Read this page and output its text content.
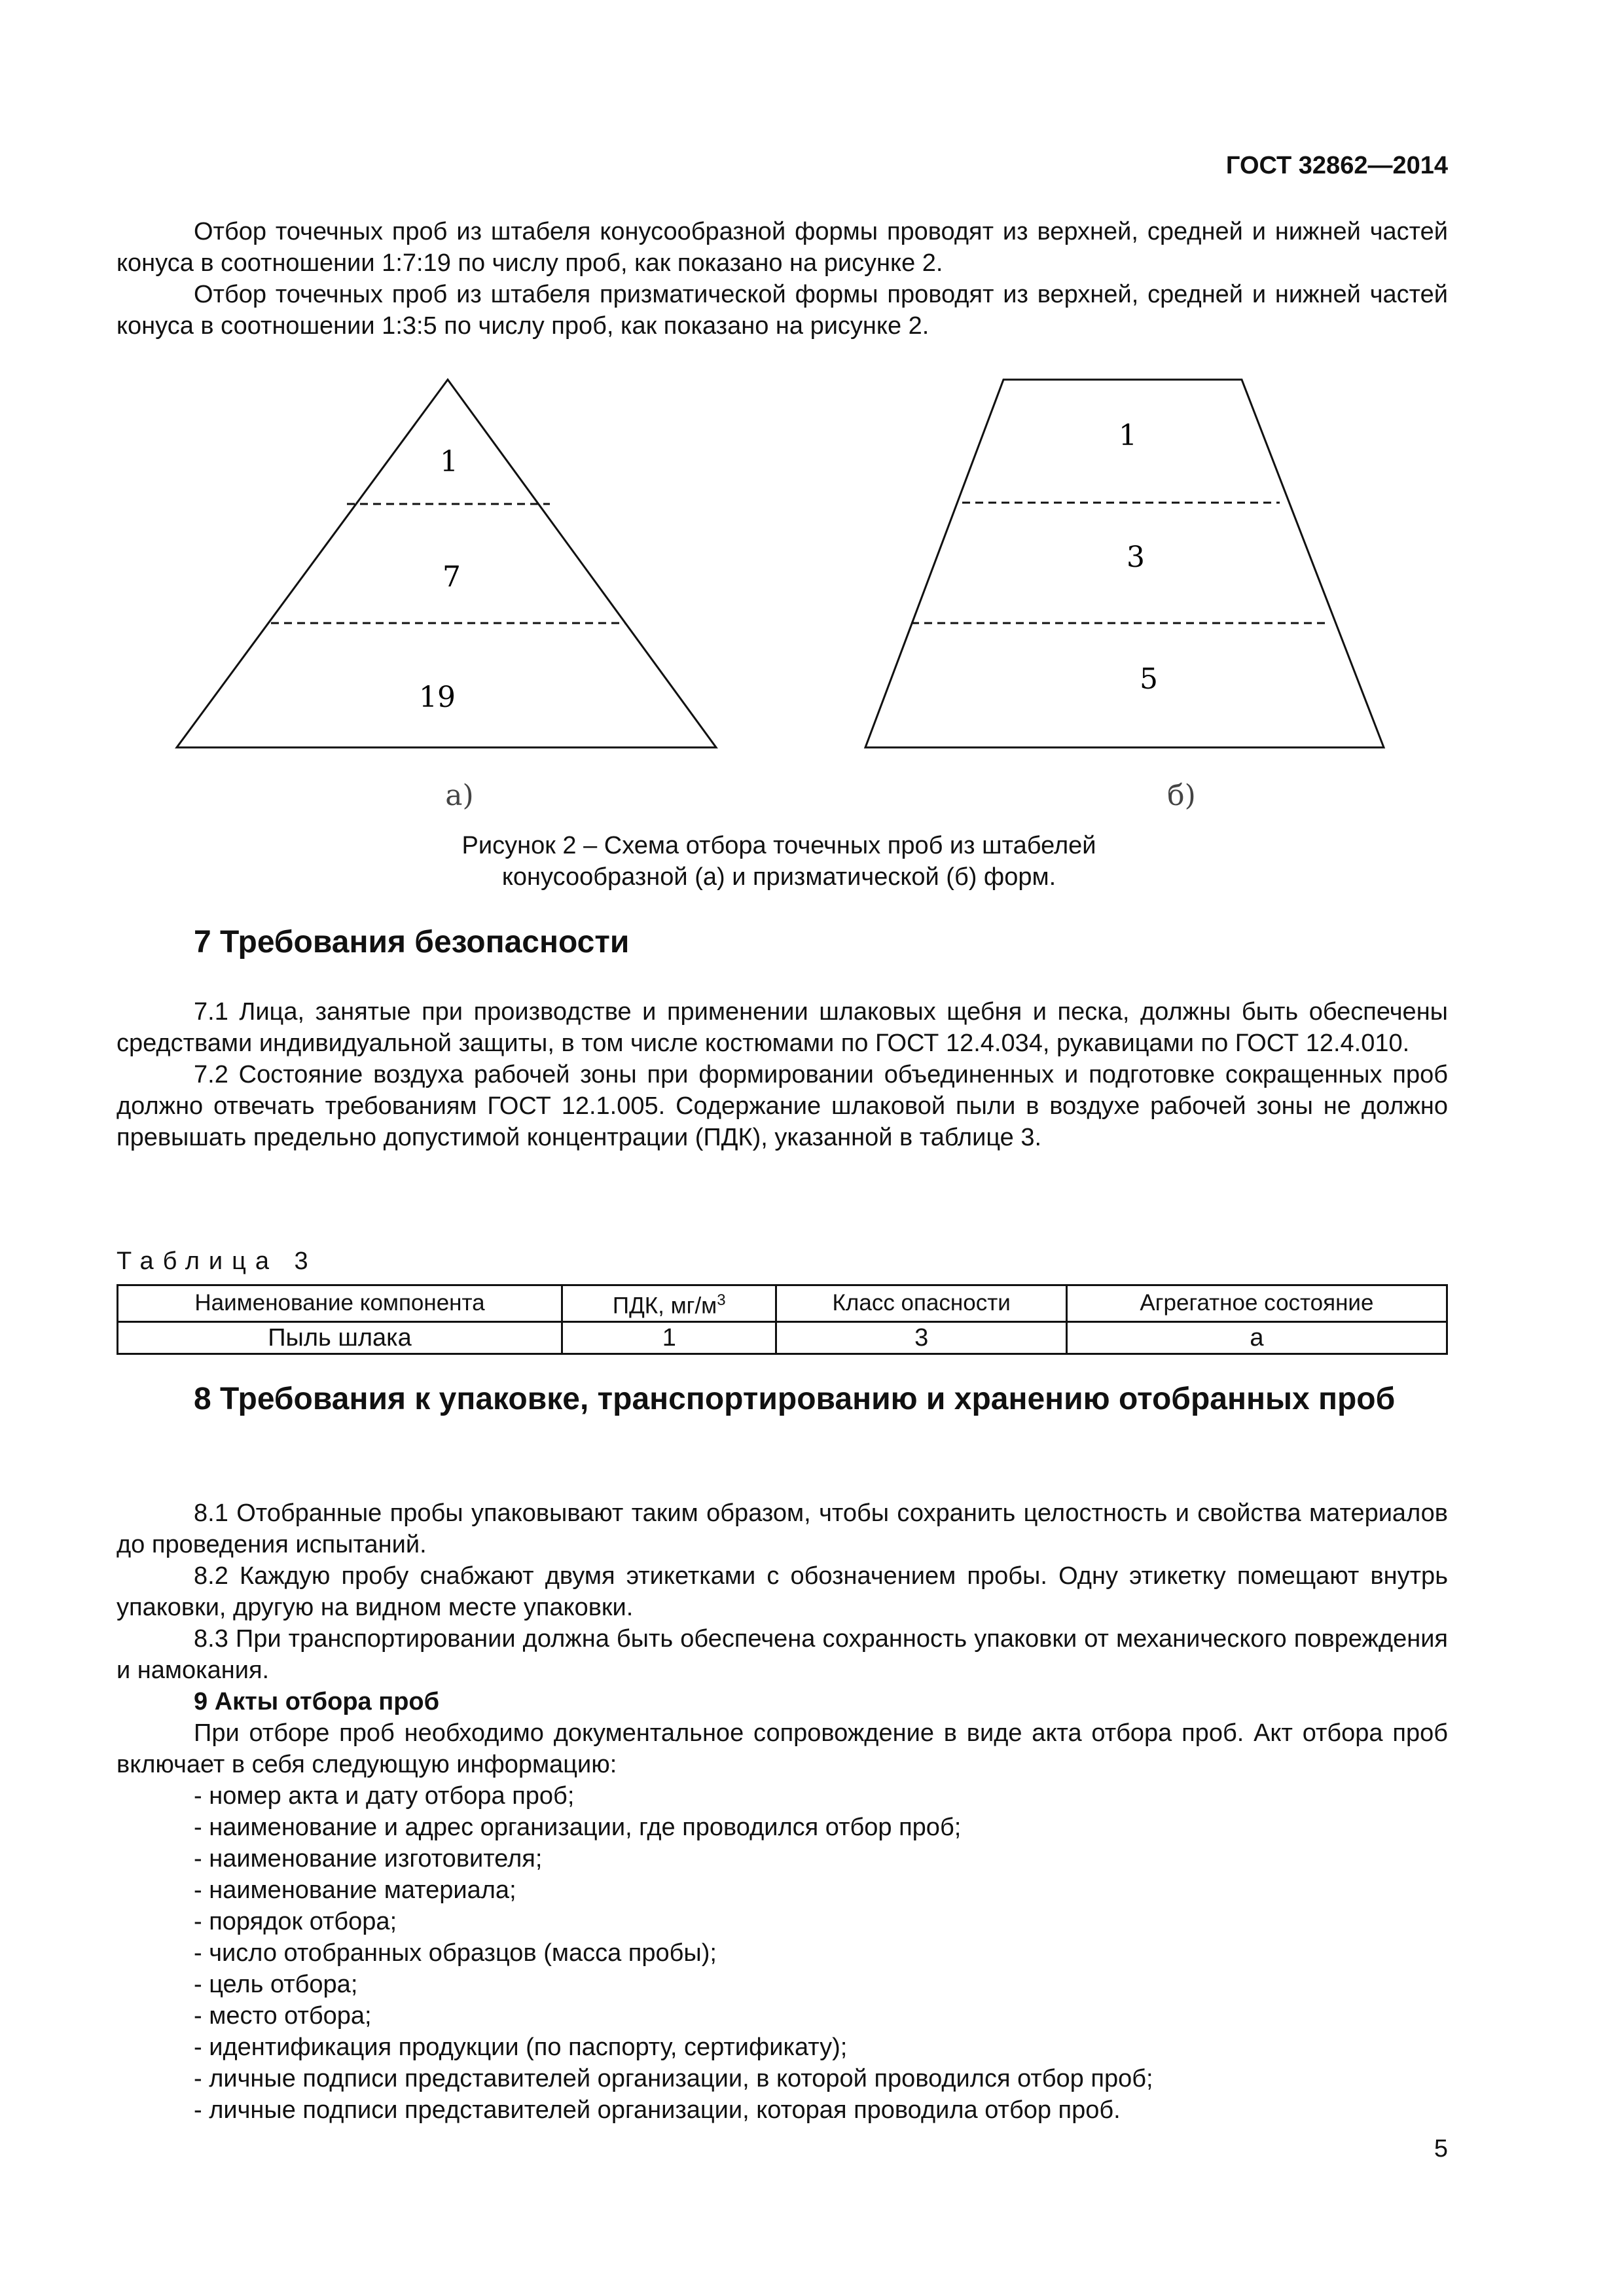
ГОСТ 32862—2014

Отбор точечных проб из штабеля конусообразной формы проводят из верхней, средней и нижней частей конуса в соотношении 1:7:19 по числу проб, как показано на рисунке 2.

Отбор точечных проб из штабеля призматической формы проводят из верхней, средней и нижней частей конуса в соотношении 1:3:5 по числу проб, как показано на рисунке 2.

1
7
19
а)
1
3
5
б)
Рисунок 2 – Схема отбора точечных проб из штабелей
конусообразной (а) и призматической (б) форм.
7 Требования безопасности

7.1 Лица, занятые при производстве и применении шлаковых щебня и песка, должны быть обеспечены средствами индивидуальной защиты, в том числе костюмами по ГОСТ 12.4.034, рукавицами по ГОСТ 12.4.010.

7.2 Состояние воздуха рабочей зоны при формировании объединенных и подготовке сокращенных проб должно отвечать требованиям ГОСТ 12.1.005. Содержание шлаковой пыли в воздухе рабочей зоны не должно превышать предельно допустимой концентрации (ПДК), указанной в таблице 3.

Таблица 3
Наименование компонента	ПДК, $мг/м^3$	Класс опасности	Агрегатное состояние
Пыль шлака	1	3	а
8 Требования к упаковке, транспортированию и хранению отобранных проб

8.1 Отобранные пробы упаковывают таким образом, чтобы сохранить целостность и свойства материалов до проведения испытаний.

8.2 Каждую пробу снабжают двумя этикетками с обозначением пробы. Одну этикетку помещают внутрь упаковки, другую на видном месте упаковки.

8.3 При транспортировании должна быть обеспечена сохранность упаковки от механического повреждения и намокания.

9 Акты отбора проб

При отборе проб необходимо документальное сопровождение в виде акта отбора проб. Акт отбора проб включает в себя следующую информацию:

- номер акта и дату отбора проб;
- наименование и адрес организации, где проводился отбор проб;
- наименование изготовителя;
- наименование материала;
- порядок отбора;
- число отобранных образцов (масса пробы);
- цель отбора;
- место отбора;
- идентификация продукции (по паспорту, сертификату);
- личные подписи представителей организации, в которой проводился отбор проб;
- личные подписи представителей организации, которая проводила отбор проб.
5
